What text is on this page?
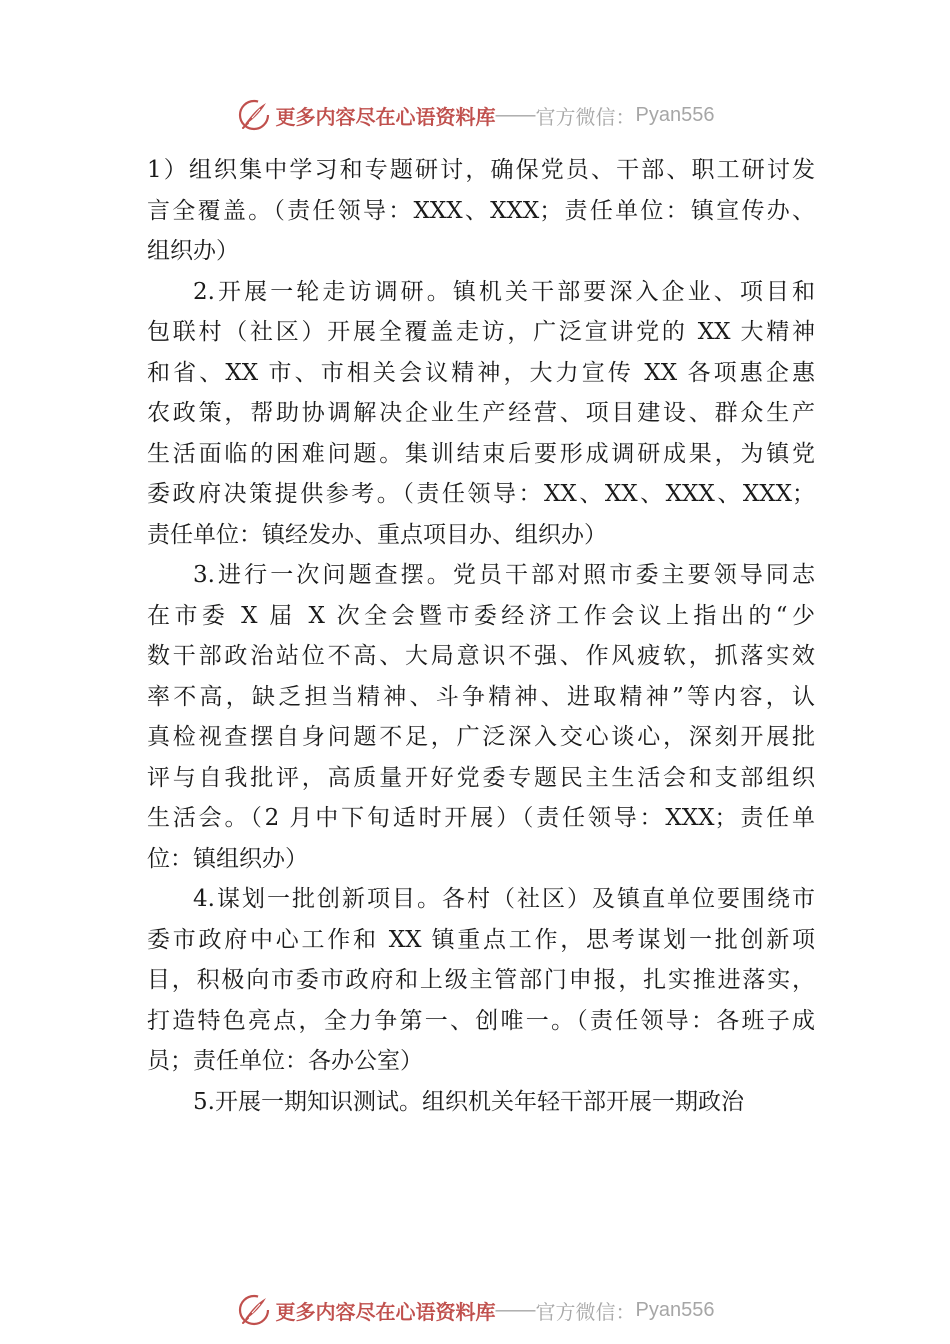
更多内容尽在心语资料库 —— 官方微信： Pyan556
1）组织集中学习和专题研讨，确保党员、干部、职工研讨发
言全覆盖。（责任领导：XXX、XXX；责任单位：镇宣传办、
组织办）
2.开展一轮走访调研。镇机关干部要深入企业、项目和
包联村（社区）开展全覆盖走访，广泛宣讲党的 XX 大精神
和省、XX 市、市相关会议精神，大力宣传 XX 各项惠企惠
农政策，帮助协调解决企业生产经营、项目建设、群众生产
生活面临的困难问题。集训结束后要形成调研成果，为镇党
委政府决策提供参考。（责任领导：XX、XX、XXX、XXX；
责任单位：镇经发办、重点项目办、组织办）
3.进行一次问题查摆。党员干部对照市委主要领导同志
在市委 X 届 X 次全会暨市委经济工作会议上指出的“少
数干部政治站位不高、大局意识不强、作风疲软，抓落实效
率不高，缺乏担当精神、斗争精神、进取精神”等内容，认
真检视查摆自身问题不足，广泛深入交心谈心，深刻开展批
评与自我批评，高质量开好党委专题民主生活会和支部组织
生活会。（2 月中下旬适时开展）（责任领导：XXX；责任单
位：镇组织办）
4.谋划一批创新项目。各村（社区）及镇直单位要围绕市
委市政府中心工作和 XX 镇重点工作，思考谋划一批创新项
目，积极向市委市政府和上级主管部门申报，扎实推进落实，
打造特色亮点，全力争第一、创唯一。（责任领导：各班子成
员；责任单位：各办公室）
5.开展一期知识测试。组织机关年轻干部开展一期政治
更多内容尽在心语资料库 —— 官方微信： Pyan556
